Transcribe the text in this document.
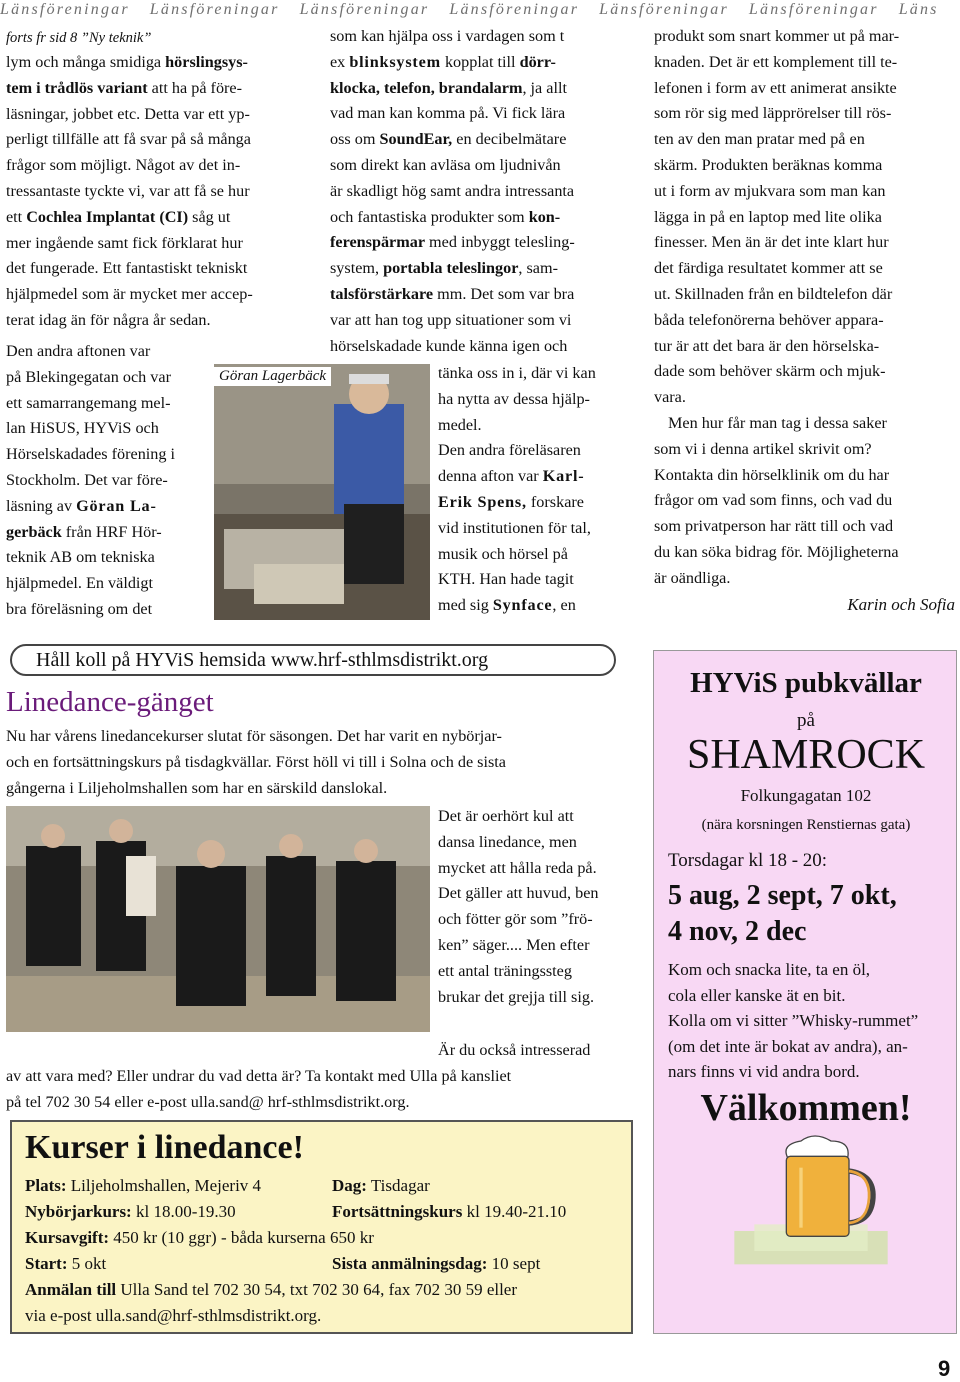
Länsföreningar Länsföreningar Länsföreningar Länsföreningar Länsföreningar Länsföreningar Läns

forts fr sid 8 ”Ny teknik”

lym och många smidiga hörslingsys-

tem i trådlös variant att ha på före-

läsningar, jobbet etc. Detta var ett yp-

perligt tillfälle att få svar på så många

frågor som möjligt. Något av det in-

tressantaste tyckte vi, var att få se hur

ett Cochlea Implantat (CI) såg ut

mer ingående samt fick förklarat hur

det fungerade. Ett fantastiskt tekniskt

hjälpmedel som är mycket mer accep-

terat idag än för några år sedan.

Den andra aftonen var

på Blekingegatan och var

ett samarrangemang mel-

lan HiSUS, HYViS och

Hörselskadades förening i

Stockholm. Det var före-

läsning av Göran La-

gerbäck från HRF Hör-

teknik AB om tekniska

hjälpmedel. En väldigt

bra föreläsning om det

Göran Lagerbäck

som kan hjälpa oss i vardagen som t

ex blinksystem kopplat till dörr-

klocka, telefon, brandalarm, ja allt

vad man kan komma på. Vi fick lära

oss om SoundEar, en decibelmätare

som direkt kan avläsa om ljudnivån

är skadligt hög samt andra intressanta

och fantastiska produkter som kon-

ferenspärmar med inbyggt telesling-

system, portabla teleslingor, sam-

talsförstärkare mm. Det som var bra

var att han tog upp situationer som vi

hörselskadade kunde känna igen och

tänka oss in i, där vi kan

ha nytta av dessa hjälp-

medel.

Den andra föreläsaren

denna afton var Karl-

Erik Spens, forskare

vid institutionen för tal,

musik och hörsel på

KTH. Han hade tagit

med sig Synface, en

produkt som snart kommer ut på mar-

knaden. Det är ett komplement till te-

lefonen i form av ett animerat ansikte

som rör sig med läpprörelser till rös-

ten av den man pratar med på en

skärm. Produkten beräknas komma

ut i form av mjukvara som man kan

lägga in på en laptop med lite olika

finesser. Men än är det inte klart hur

det färdiga resultatet kommer att se

ut. Skillnaden från en bildtelefon där

båda telefonörerna behöver appara-

tur är att det bara är den hörselska-

dade som behöver skärm och mjuk-

vara.

Men hur får man tag i dessa saker

som vi i denna artikel skrivit om?

Kontakta din hörselklinik om du har

frågor om vad som finns, och vad du

som privatperson har rätt till och vad

du kan söka bidrag för. Möjligheterna

är oändliga.

Karin och Sofia

Håll koll på HYViS hemsida www.hrf-sthlmsdistrikt.org
Linedance-gänget
Nu har vårens linedancekurser slutat för säsongen. Det har varit en nybörjar-
och en fortsättningskurs på tisdagkvällar. Först höll vi till i Solna och de sista
gångerna i Liljeholmshallen som har en särskild danslokal.
Det är oerhört kul att
dansa linedance, men
mycket att hålla reda på.
Det gäller att huvud, ben
och fötter gör som ”frö-
ken” säger.... Men efter
ett antal träningssteg
brukar det grejja till sig.
Är du också intresserad
av att vara med? Eller undrar du vad detta är? Ta kontakt med Ulla på kansliet
på tel 702 30 54 eller e-post ulla.sand@ hrf-sthlmsdistrikt.org.
Kurser i linedance!
Plats: Liljeholmshallen, Mejeriv 4	Dag: Tisdagar
Nybörjarkurs: kl 18.00-19.30	Fortsättningskurs kl 19.40-21.10
Kursavgift: 450 kr (10 ggr) - båda kurserna 650 kr
Start: 5 okt	Sista anmälningsdag: 10 sept
Anmälan till Ulla Sand tel 702 30 54, txt 702 30 64, fax 702 30 59 eller
via e-post ulla.sand@hrf-sthlmsdistrikt.org.
HYViS pubkvällar
på
SHAMROCK
Folkungagatan 102
(nära korsningen Renstiernas gata)
Torsdagar kl 18 - 20:
5 aug, 2 sept, 7 okt,
4 nov, 2 dec
Kom och snacka lite, ta en öl,
cola eller kanske ät en bit.
Kolla om vi sitter ”Whisky-rummet”
(om det inte är bokat av andra), an-
nars finns vi vid andra bord.
Välkommen!
9
